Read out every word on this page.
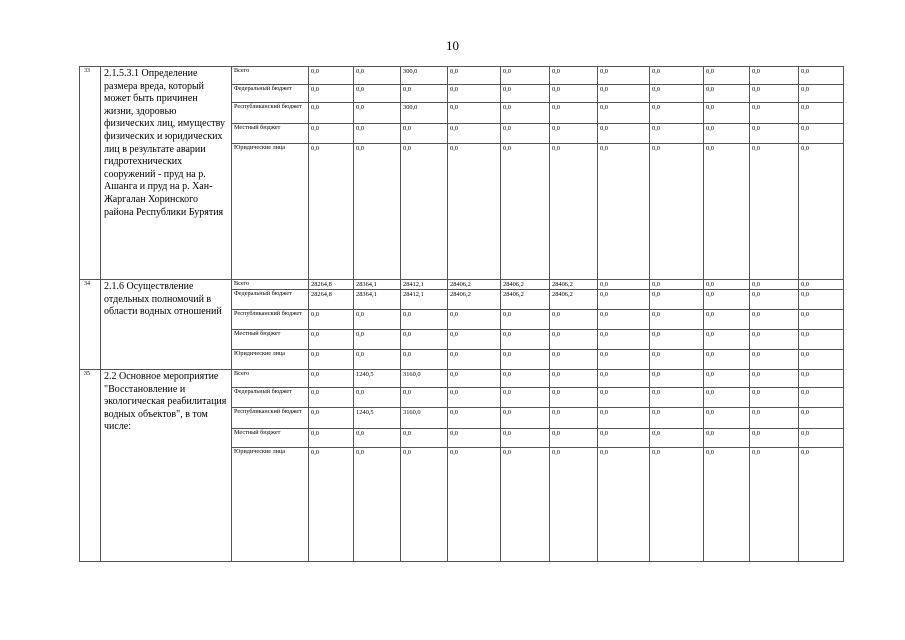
10
33	2.1.5.3.1 Определение размера вреда, который может быть причинен жизни, здоровью физических лиц, имуществу физических и юридических лиц в результате аварии гидротехнических сооружений - пруд на р. Ашанга и пруд на р. Хан-Жаргалан Хоринского района Республики Бурятия	Всего	0,0	0,0	300,0	0,0	0,0	0,0	0,0	0,0	0,0	0,0	0,0
		Федеральный бюджет	0,0	0,0	0,0	0,0	0,0	0,0	0,0	0,0	0,0	0,0	0,0
		Республиканский бюджет	0,0	0,0	300,0	0,0	0,0	0,0	0,0	0,0	0,0	0,0	0,0
		Местный бюджет	0,0	0,0	0,0	0,0	0,0	0,0	0,0	0,0	0,0	0,0	0,0
		Юридические лица	0,0	0,0	0,0	0,0	0,0	0,0	0,0	0,0	0,0	0,0	0,0
34	2.1.6 Осуществление отдельных полномочий в области водных отношений	Всего	28264,8	28364,1	28412,1	28406,2	28406,2	28406,2	0,0	0,0	0,0	0,0	0,0
		Федеральный бюджет	28264,8	28364,1	28412,1	28406,2	28406,2	28406,2	0,0	0,0	0,0	0,0	0,0
		Республиканский бюджет	0,0	0,0	0,0	0,0	0,0	0,0	0,0	0,0	0,0	0,0	0,0
		Местный бюджет	0,0	0,0	0,0	0,0	0,0	0,0	0,0	0,0	0,0	0,0	0,0
		Юридические лица	0,0	0,0	0,0	0,0	0,0	0,0	0,0	0,0	0,0	0,0	0,0
35	2.2 Основное мероприятие "Восстановление и экологическая реабилитация водных объектов", в том числе:	Всего	0,0	1240,5	3160,0	0,0	0,0	0,0	0,0	0,0	0,0	0,0	0,0
		Федеральный бюджет	0,0	0,0	0,0	0,0	0,0	0,0	0,0	0,0	0,0	0,0	0,0
		Республиканский бюджет	0,0	1240,5	3160,0	0,0	0,0	0,0	0,0	0,0	0,0	0,0	0,0
		Местный бюджет	0,0	0,0	0,0	0,0	0,0	0,0	0,0	0,0	0,0	0,0	0,0
		Юридические лица	0,0	0,0	0,0	0,0	0,0	0,0	0,0	0,0	0,0	0,0	0,0
